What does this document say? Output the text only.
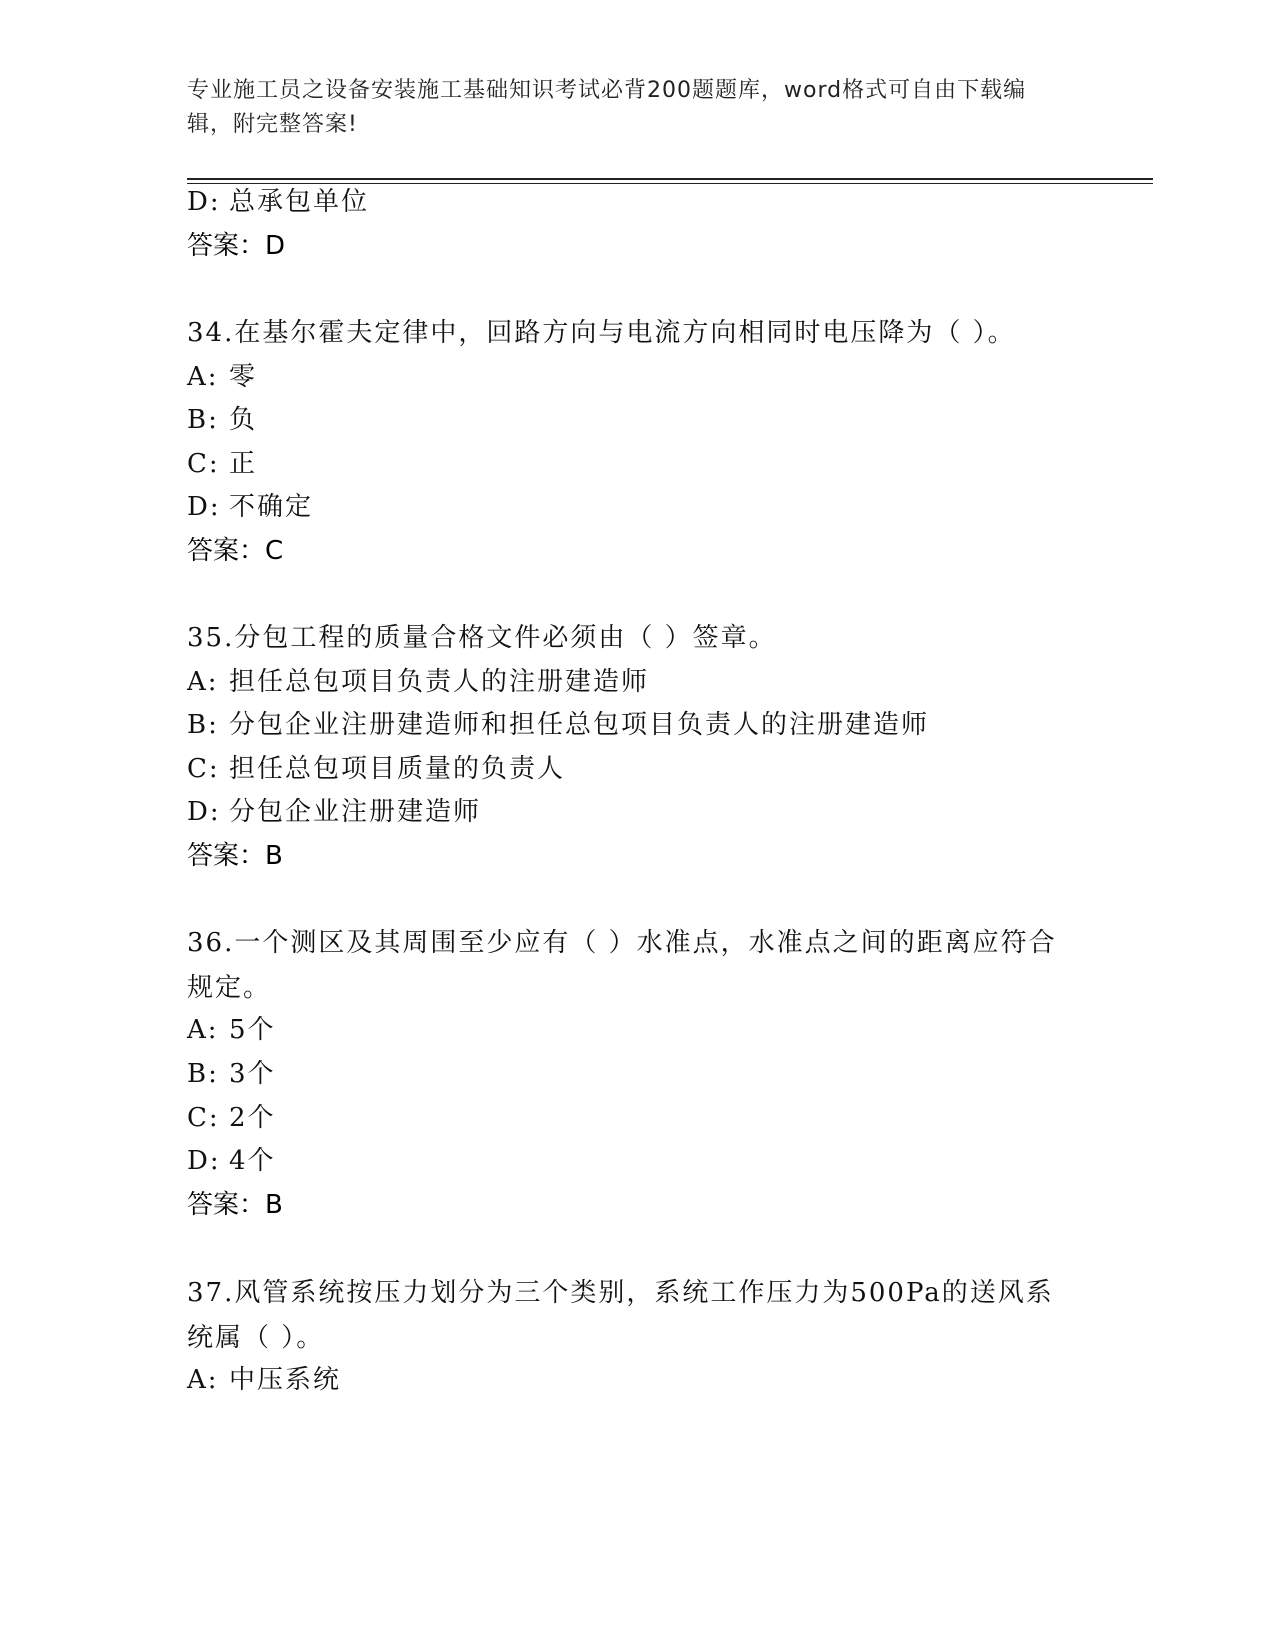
专业施工员之设备安装施工基础知识考试必背200题题库，word格式可自由下载编辑，附完整答案!
D: 总承包单位
答案：D
34.在基尔霍夫定律中，回路方向与电流方向相同时电压降为（ ）。
A: 零
B: 负
C: 正
D: 不确定
答案：C
35.分包工程的质量合格文件必须由（ ）签章。
A: 担任总包项目负责人的注册建造师
B: 分包企业注册建造师和担任总包项目负责人的注册建造师
C: 担任总包项目质量的负责人
D: 分包企业注册建造师
答案：B
36.一个测区及其周围至少应有（ ）水准点，水准点之间的距离应符合规定。
A: 5个
B: 3个
C: 2个
D: 4个
答案：B
37.风管系统按压力划分为三个类别，系统工作压力为500Pa的送风系统属（ ）。
A: 中压系统
